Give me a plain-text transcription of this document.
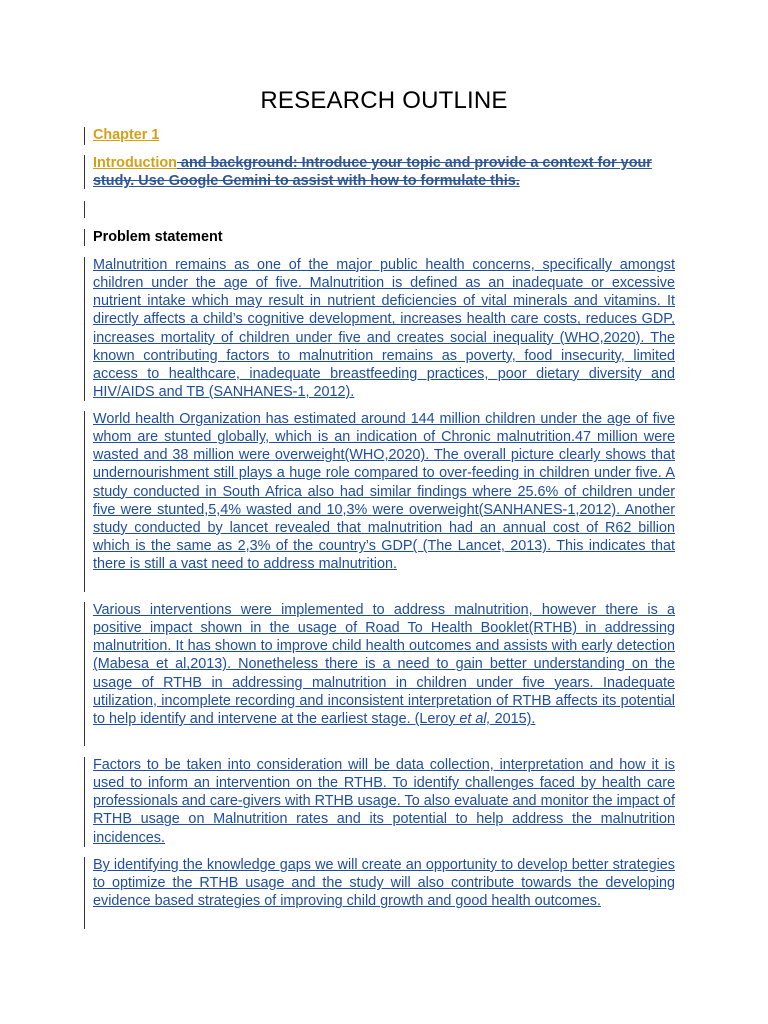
RESEARCH OUTLINE
Chapter 1
Introduction and background: Introduce your topic and provide a context for your study. Use Google Gemini to assist with how to formulate this.
Problem statement
Malnutrition remains as one of the major public health concerns, specifically amongst children under the age of five. Malnutrition is defined as an inadequate or excessive nutrient intake which may result in nutrient deficiencies of vital minerals and vitamins. It directly affects a child’s cognitive development, increases health care costs, reduces GDP, increases mortality of children under five and creates social inequality (WHO,2020). The known contributing factors to malnutrition remains as poverty, food insecurity, limited access to healthcare, inadequate breastfeeding practices, poor dietary diversity and HIV/AIDS and TB (SANHANES-1, 2012).
World health Organization has estimated around 144 million children under the age of five whom are stunted globally, which is an indication of Chronic malnutrition.47 million were wasted and 38 million were overweight(WHO,2020). The overall picture clearly shows that undernourishment still plays a huge role compared to over-feeding in children under five. A study conducted in South Africa also had similar findings where 25.6% of children under five were stunted,5,4% wasted and 10,3% were overweight(SANHANES-1,2012). Another study conducted by lancet revealed that malnutrition had an annual cost of R62 billion which is the same as 2,3% of the country’s GDP( (The Lancet, 2013). This indicates that there is still a vast need to address malnutrition.
Various interventions were implemented to address malnutrition, however there is a positive impact shown in the usage of Road To Health Booklet(RTHB) in addressing malnutrition. It has shown to improve child health outcomes and assists with early detection (Mabesa et al,2013). Nonetheless there is a need to gain better understanding on the usage of RTHB in addressing malnutrition in children under five years. Inadequate utilization, incomplete recording and inconsistent interpretation of RTHB affects its potential to help identify and intervene at the earliest stage. (Leroy et al, 2015).
Factors to be taken into consideration will be data collection, interpretation and how it is used to inform an intervention on the RTHB. To identify challenges faced by health care professionals and care-givers with RTHB usage. To also evaluate and monitor the impact of RTHB usage on Malnutrition rates and its potential to help address the malnutrition incidences.
By identifying the knowledge gaps we will create an opportunity to develop better strategies to optimize the RTHB usage and the study will also contribute towards the developing evidence based strategies of improving child growth and good health outcomes.
